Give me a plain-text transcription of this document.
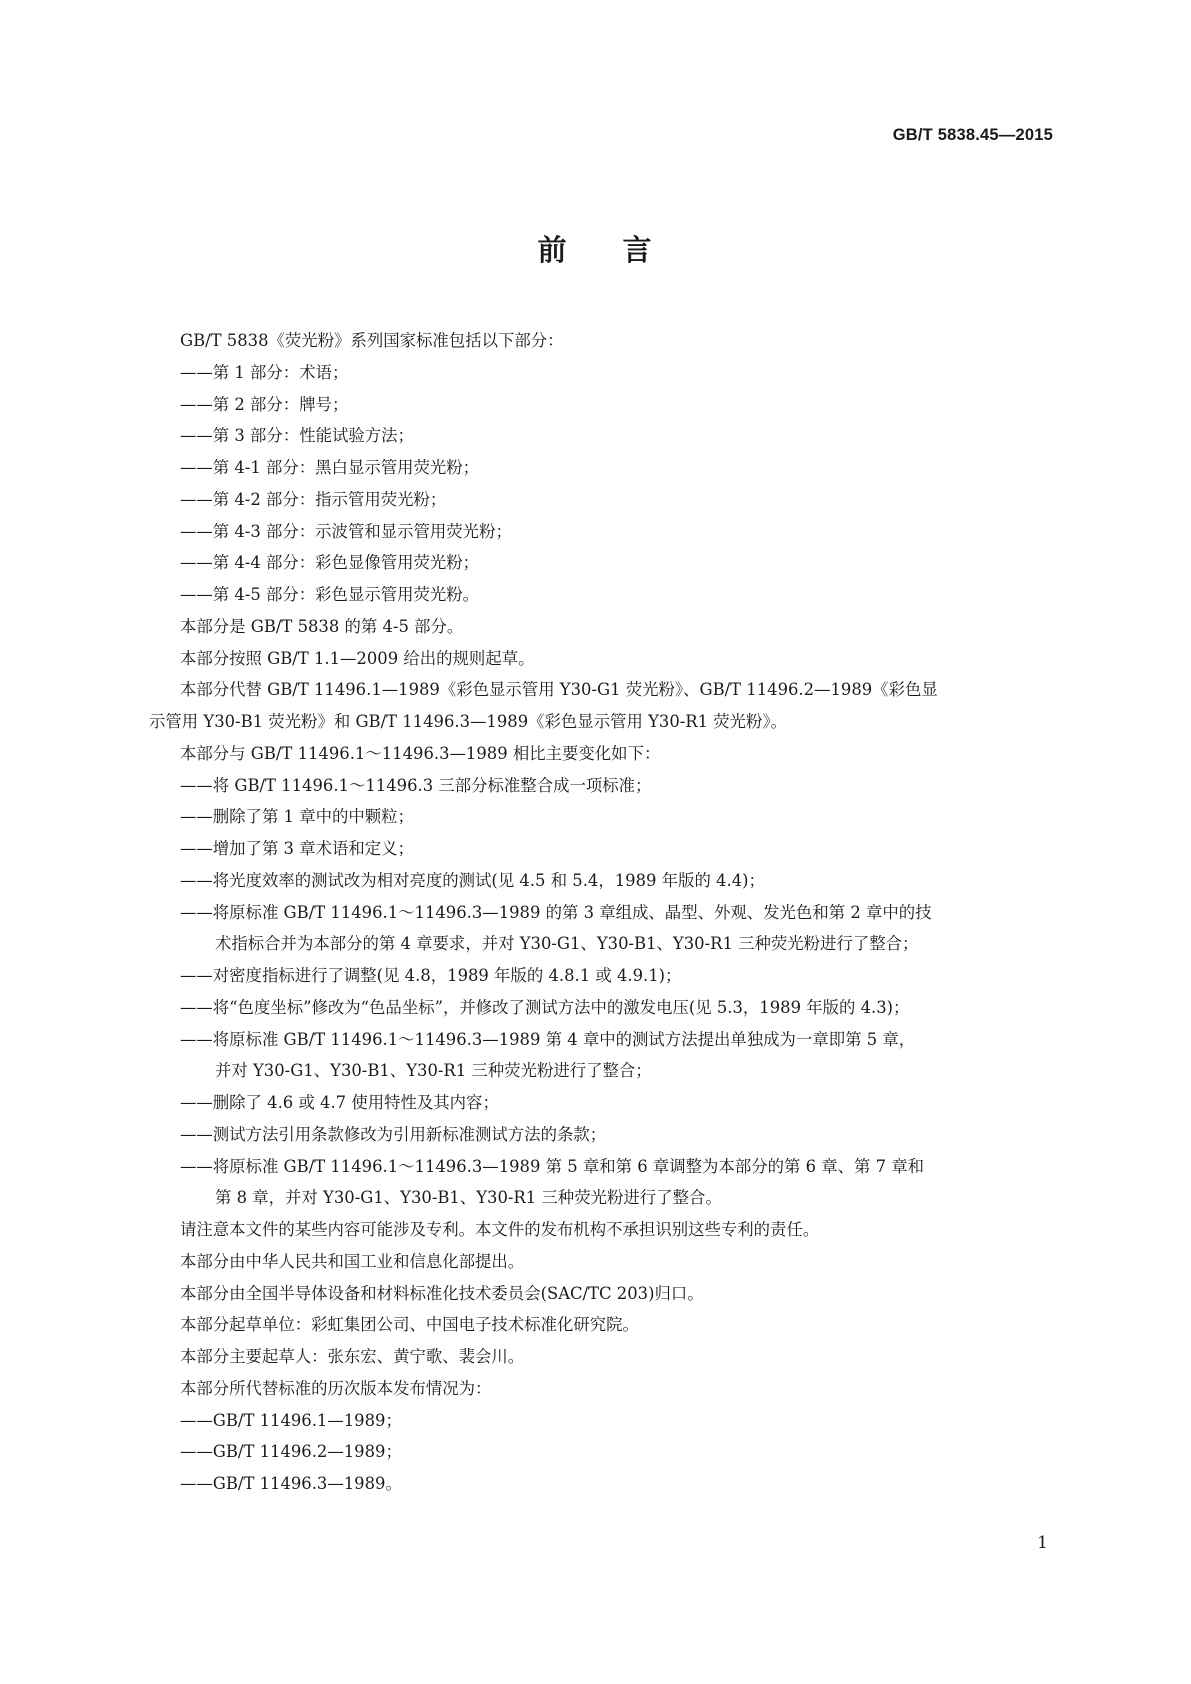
GB/T 5838.45—2015
前 言
GB/T 5838《荧光粉》系列国家标准包括以下部分：
——第 1 部分：术语；
——第 2 部分：牌号；
——第 3 部分：性能试验方法；
——第 4-1 部分：黑白显示管用荧光粉；
——第 4-2 部分：指示管用荧光粉；
——第 4-3 部分：示波管和显示管用荧光粉；
——第 4-4 部分：彩色显像管用荧光粉；
——第 4-5 部分：彩色显示管用荧光粉。
本部分是 GB/T 5838 的第 4-5 部分。
本部分按照 GB/T 1.1—2009 给出的规则起草。
本部分代替 GB/T 11496.1—1989《彩色显示管用 Y30-G1 荧光粉》、GB/T 11496.2—1989《彩色显
示管用 Y30-B1 荧光粉》和 GB/T 11496.3—1989《彩色显示管用 Y30-R1 荧光粉》。
本部分与 GB/T 11496.1～11496.3—1989 相比主要变化如下：
——将 GB/T 11496.1～11496.3 三部分标准整合成一项标准；
——删除了第 1 章中的中颗粒；
——增加了第 3 章术语和定义；
——将光度效率的测试改为相对亮度的测试(见 4.5 和 5.4，1989 年版的 4.4)；
——将原标准 GB/T 11496.1～11496.3—1989 的第 3 章组成、晶型、外观、发光色和第 2 章中的技
术指标合并为本部分的第 4 章要求，并对 Y30-G1、Y30-B1、Y30-R1 三种荧光粉进行了整合；
——对密度指标进行了调整(见 4.8，1989 年版的 4.8.1 或 4.9.1)；
——将“色度坐标”修改为“色品坐标”，并修改了测试方法中的激发电压(见 5.3，1989 年版的 4.3)；
——将原标准 GB/T 11496.1～11496.3—1989 第 4 章中的测试方法提出单独成为一章即第 5 章，
并对 Y30-G1、Y30-B1、Y30-R1 三种荧光粉进行了整合；
——删除了 4.6 或 4.7 使用特性及其内容；
——测试方法引用条款修改为引用新标准测试方法的条款；
——将原标准 GB/T 11496.1～11496.3—1989 第 5 章和第 6 章调整为本部分的第 6 章、第 7 章和
第 8 章，并对 Y30-G1、Y30-B1、Y30-R1 三种荧光粉进行了整合。
请注意本文件的某些内容可能涉及专利。本文件的发布机构不承担识别这些专利的责任。
本部分由中华人民共和国工业和信息化部提出。
本部分由全国半导体设备和材料标准化技术委员会(SAC/TC 203)归口。
本部分起草单位：彩虹集团公司、中国电子技术标准化研究院。
本部分主要起草人：张东宏、黄宁歌、裴会川。
本部分所代替标准的历次版本发布情况为：
——GB/T 11496.1—1989；
——GB/T 11496.2—1989；
——GB/T 11496.3—1989。
1
